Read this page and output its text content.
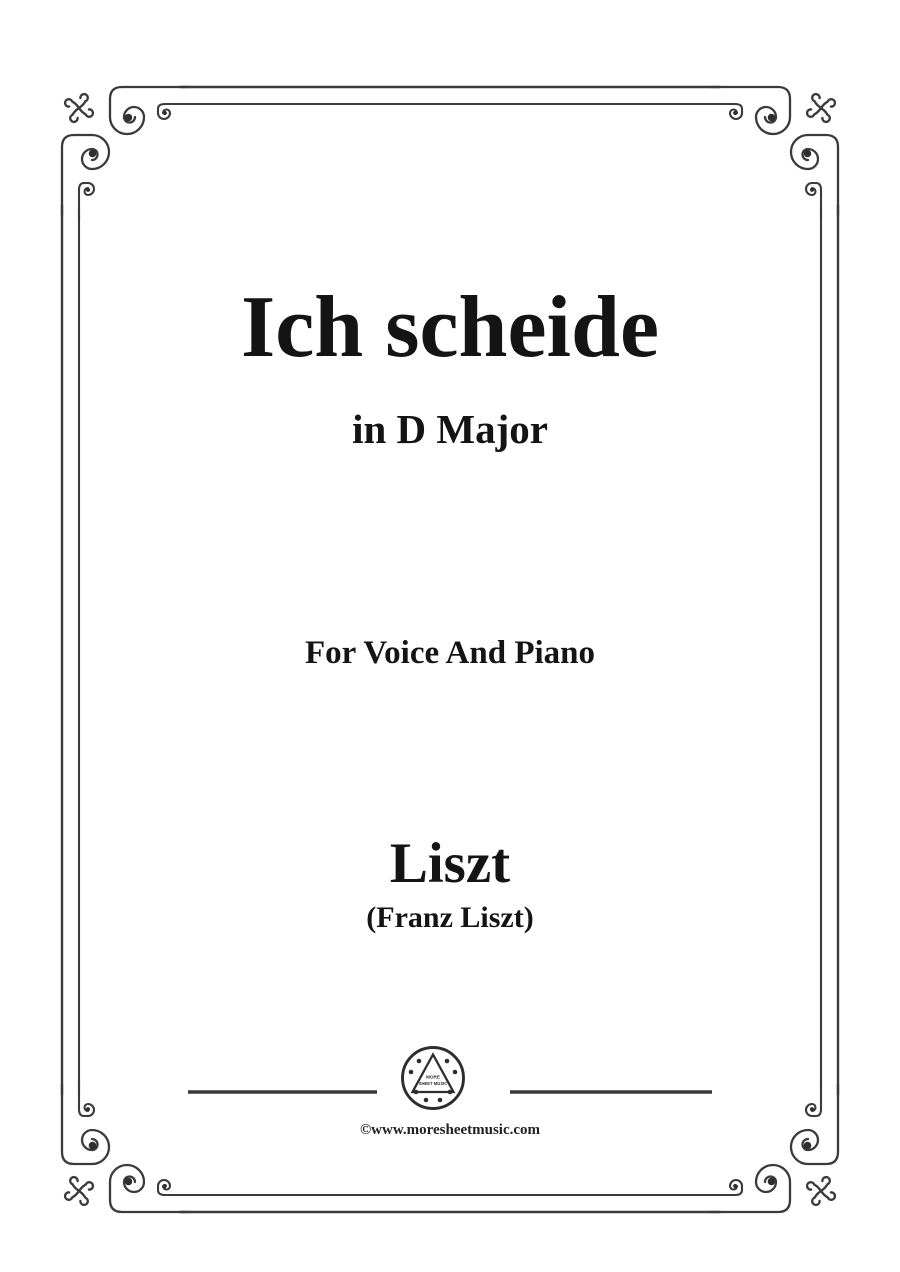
MORE
SHEET MUSIC
Ich scheide
in D Major
For Voice And Piano
Liszt
(Franz Liszt)
©www.moresheetmusic.com
